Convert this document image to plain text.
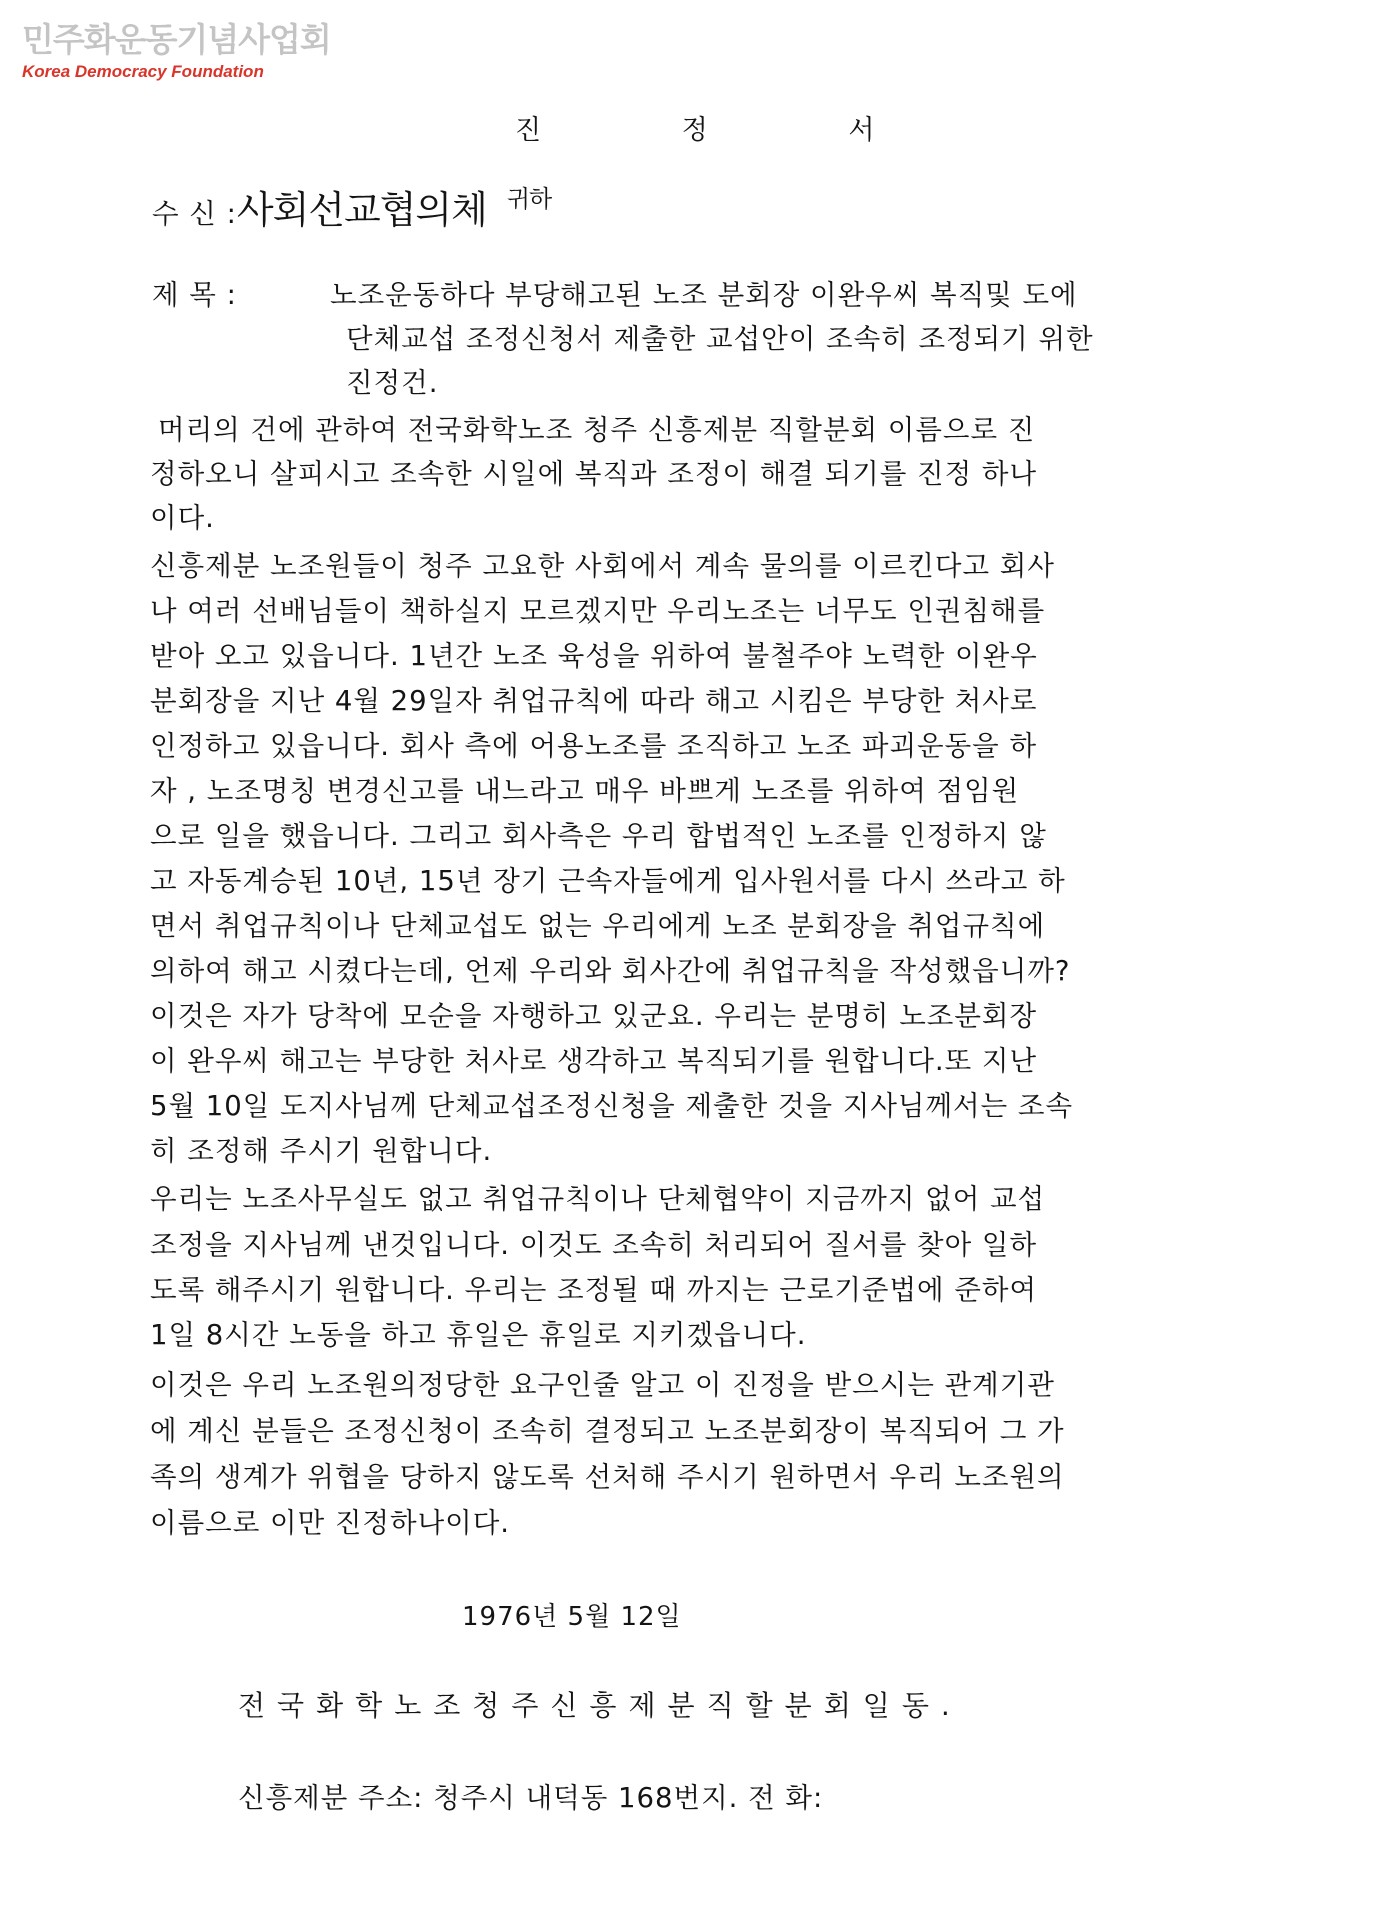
민주화운동기념사업회
Korea Democracy Foundation
진 정 서
수 신 :사회선교협의체 귀하
제 목 :	노조운동하다 부당해고된 노조 분회장 이완우씨 복직및 도에
단체교섭 조정신청서 제출한 교섭안이 조속히 조정되기 위한
진정건.
머리의 건에 관하여 전국화학노조 청주 신흥제분 직할분회 이름으로 진
정하오니 살피시고 조속한 시일에 복직과 조정이 해결 되기를 진정 하나
이다.
신흥제분 노조원들이 청주 고요한 사회에서 계속 물의를 이르킨다고 회사
나 여러 선배님들이 책하실지 모르겠지만 우리노조는 너무도 인권침해를
받아 오고 있읍니다. 1년간 노조 육성을 위하여 불철주야 노력한 이완우
분회장을 지난 4월 29일자 취업규칙에 따라 해고 시킴은 부당한 처사로
인정하고 있읍니다. 회사 측에 어용노조를 조직하고 노조 파괴운동을 하
자 , 노조명칭 변경신고를 내느라고 매우 바쁘게 노조를 위하여 점임원
으로 일을 했읍니다. 그리고 회사측은 우리 합법적인 노조를 인정하지 않
고 자동계승된 10년, 15년 장기 근속자들에게 입사원서를 다시 쓰라고 하
면서 취업규칙이나 단체교섭도 없는 우리에게 노조 분회장을 취업규칙에
의하여 해고 시켰다는데, 언제 우리와 회사간에 취업규칙을 작성했읍니까?
이것은 자가 당착에 모순을 자행하고 있군요. 우리는 분명히 노조분회장
이 완우씨 해고는 부당한 처사로 생각하고 복직되기를 원합니다.또 지난
5월 10일 도지사님께 단체교섭조정신청을 제출한 것을 지사님께서는 조속
히 조정해 주시기 원합니다.
우리는 노조사무실도 없고 취업규칙이나 단체협약이 지금까지 없어 교섭
조정을 지사님께 낸것입니다. 이것도 조속히 처리되어 질서를 찾아 일하
도록 해주시기 원합니다. 우리는 조정될 때 까지는 근로기준법에 준하여
1일 8시간 노동을 하고 휴일은 휴일로 지키겠읍니다.
이것은 우리 노조원의정당한 요구인줄 알고 이 진정을 받으시는 관계기관
에 계신 분들은 조정신청이 조속히 결정되고 노조분회장이 복직되어 그 가
족의 생계가 위협을 당하지 않도록 선처해 주시기 원하면서 우리 노조원의
이름으로 이만 진정하나이다.
1976년 5월 12일
전국화학노조청주신흥제분직할분회일동.
신흥제분 주소: 청주시 내덕동 168번지. 전 화:
